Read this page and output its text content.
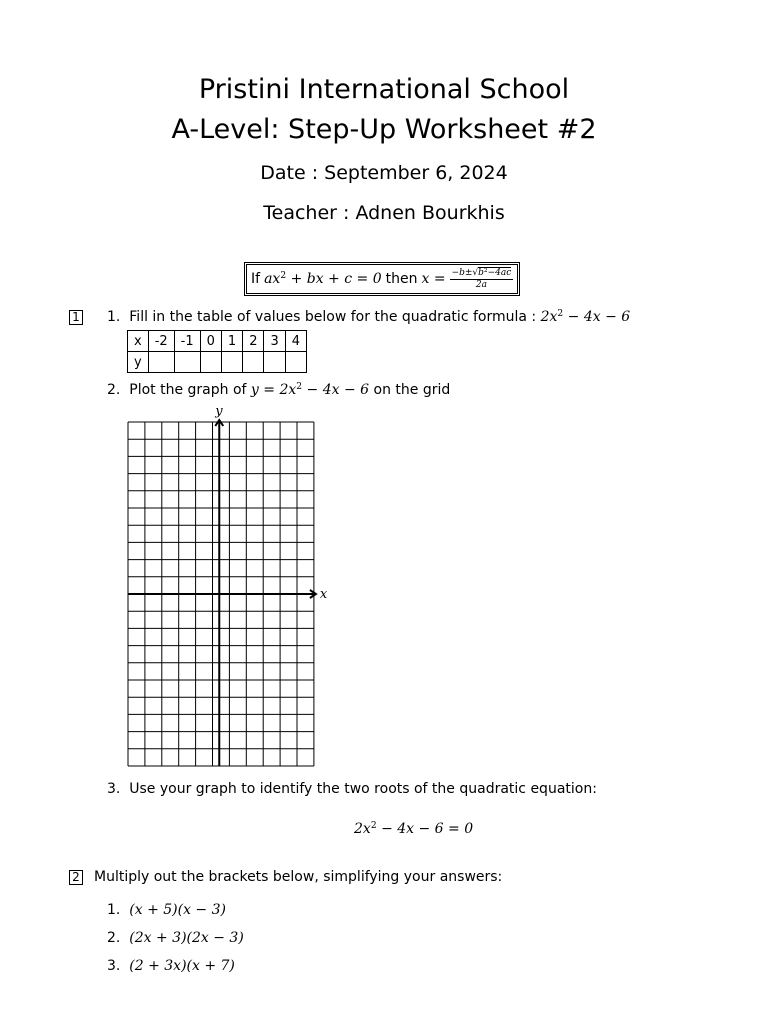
Pristini International School
A-Level: Step-Up Worksheet #2
Date : September 6, 2024
Teacher : Adnen Bourkhis
If $ax^2$ + bx + c = 0 then $x = \frac{-b\pm√b^2-4ac}{2a}$
1 1. Fill in the table of values below for the quadratic formula : $2x^2 - 4x - 6$
x	-2	-1	0	1	2	3	4
y							
2. Plot the graph of $y = 2x^2 - 4x - 6$ on the grid
y
x
3. Use your graph to identify the two roots of the quadratic equation:
$2x^2 - 4x - 6 = 0$
2 Multiply out the brackets below, simplifying your answers:
1. (x + 5)(x − 3)
2. (2x + 3)(2x − 3)
3. (2 + 3x)(x + 7)
